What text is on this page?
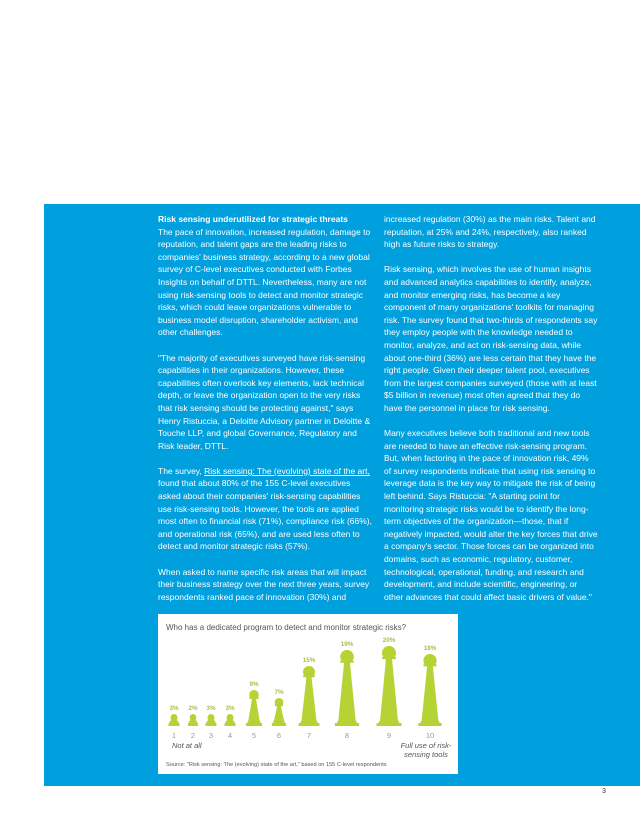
Risk sensing underutilized for strategic threats
The pace of innovation, increased regulation, damage to reputation, and talent gaps are the leading risks to companies' business strategy, according to a new global survey of C-level executives conducted with Forbes Insights on behalf of DTTL. Nevertheless, many are not using risk-sensing tools to detect and monitor strategic risks, which could leave organizations vulnerable to business model disruption, shareholder activism, and other challenges.

"The majority of executives surveyed have risk-sensing capabilities in their organizations. However, these capabilities often overlook key elements, lack technical depth, or leave the organization open to the very risks that risk sensing should be protecting against," says Henry Ristuccia, a Deloitte Advisory partner in Deloitte & Touche LLP, and global Governance, Regulatory and Risk leader, DTTL.

The survey, Risk sensing: The (evolving) state of the art, found that about 80% of the 155 C-level executives asked about their companies' risk-sensing capabilities use risk-sensing tools. However, the tools are applied most often to financial risk (71%), compliance risk (66%), and operational risk (65%), and are used less often to detect and monitor strategic risks (57%).

When asked to name specific risk areas that will impact their business strategy over the next three years, survey respondents ranked pace of innovation (30%) and

increased regulation (30%) as the main risks. Talent and reputation, at 25% and 24%, respectively, also ranked high as future risks to strategy.

Risk sensing, which involves the use of human insights and advanced analytics capabilities to identify, analyze, and monitor emerging risks, has become a key component of many organizations' toolkits for managing risk. The survey found that two-thirds of respondents say they employ people with the knowledge needed to monitor, analyze, and act on risk-sensing data, while about one-third (36%) are less certain that they have the right people. Given their deeper talent pool, executives from the largest companies surveyed (those with at least $5 billion in revenue) most often agreed that they do have the personnel in place for risk sensing.

Many executives believe both traditional and new tools are needed to have an effective risk-sensing program. But, when factoring in the pace of innovation risk, 49% of survey respondents indicate that using risk sensing to leverage data is the key way to mitigate the risk of being left behind. Says Ristuccia: "A starting point for monitoring strategic risks would be to identify the long-term objectives of the organization—those, that if negatively impacted, would alter the key forces that drive a company's sector. Those forces can be organized into domains, such as economic, regulatory, customer, technological, operational, funding, and research and development, and include scientific, engineering, or other advances that could affect basic drivers of value."

Who has a dedicated program to detect and monitor strategic risks?
3%
1
2%
2
3%
3
3%
4
9%
5
7%
6
15%
7
19%
8
20%
9
18%
10
Not at all	Full use of risk-
sensing tools
Source: "Risk sensing: The (evolving) state of the art," based on 155 C-level respondents
3
